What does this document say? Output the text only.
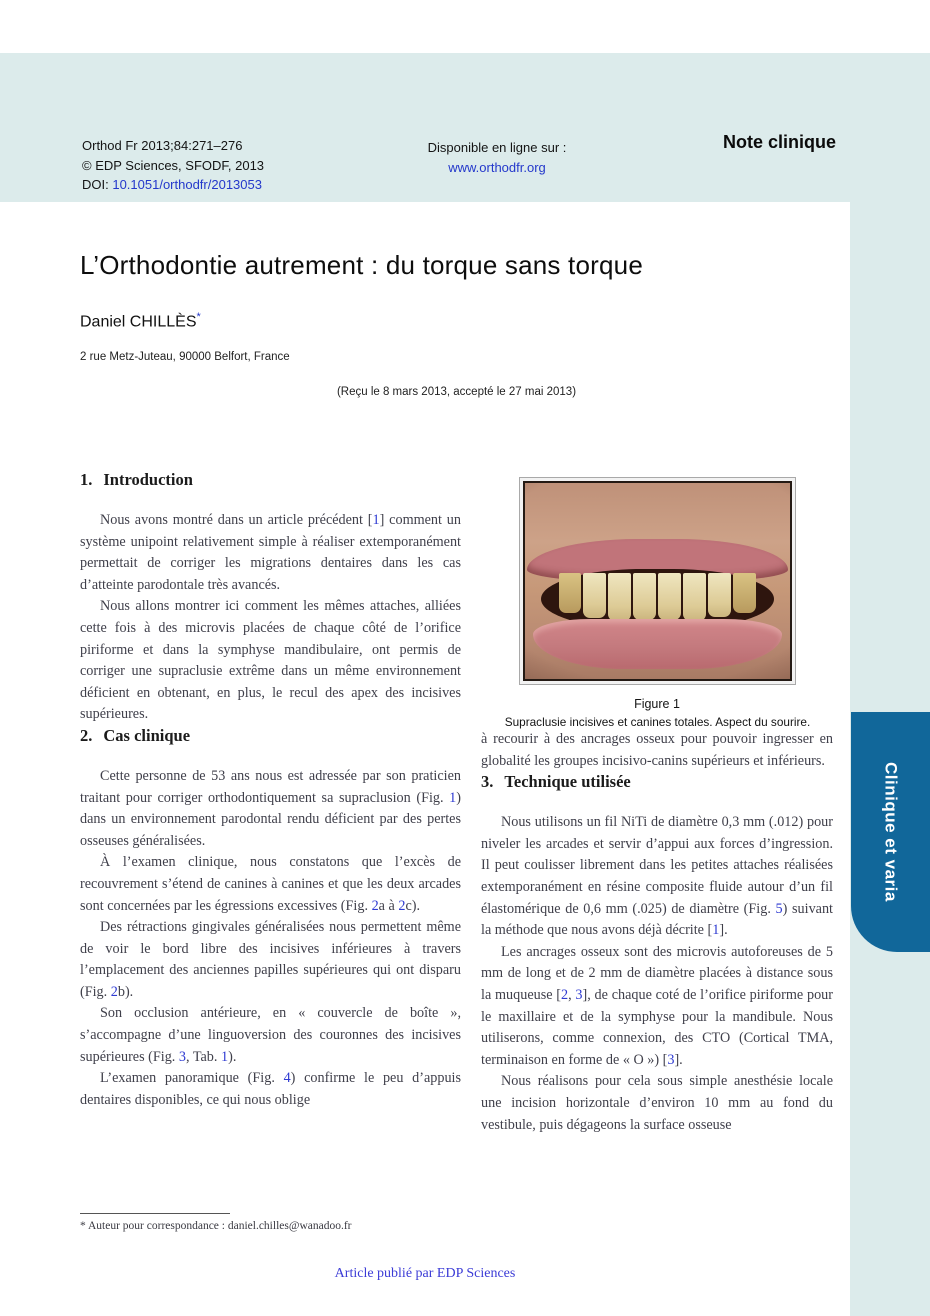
Clinique et varia
Orthod Fr 2013;84:271–276
© EDP Sciences, SFODF, 2013
DOI: 10.1051/orthodfr/2013053
Disponible en ligne sur :
www.orthodfr.org
Note clinique
L’Orthodontie autrement : du torque sans torque
Daniel CHILLÈS*
2 rue Metz-Juteau, 90000 Belfort, France
(Reçu le 8 mars 2013, accepté le 27 mai 2013)
1. Introduction

Nous avons montré dans un article précédent [1] comment un système unipoint relativement simple à réaliser extemporanément permettait de corriger les migrations dentaires dans les cas d’atteinte parodontale très avancés.

Nous allons montrer ici comment les mêmes attaches, alliées cette fois à des microvis placées de chaque côté de l’orifice piriforme et dans la symphyse mandibulaire, ont permis de corriger une supraclusie extrême dans un même environnement déficient en obtenant, en plus, le recul des apex des incisives supérieures.

2. Cas clinique

Cette personne de 53 ans nous est adressée par son praticien traitant pour corriger orthodontiquement sa supraclusion (Fig. 1) dans un environnement parodontal rendu déficient par des pertes osseuses généralisées.

À l’examen clinique, nous constatons que l’excès de recouvrement s’étend de canines à canines et que les deux arcades sont concernées par les égressions excessives (Fig. 2a à 2c).

Des rétractions gingivales généralisées nous permettent même de voir le bord libre des incisives inférieures à travers l’emplacement des anciennes papilles supérieures qui ont disparu (Fig. 2b).

Son occlusion antérieure, en « couvercle de boîte », s’accompagne d’une linguoversion des couronnes des incisives supérieures (Fig. 3, Tab. 1).

L’examen panoramique (Fig. 4) confirme le peu d’appuis dentaires disponibles, ce qui nous oblige

Figure 1
Supraclusie incisives et canines totales. Aspect du sourire.

à recourir à des ancrages osseux pour pouvoir ingresser en globalité les groupes incisivo-canins supérieurs et inférieurs.

3. Technique utilisée

Nous utilisons un fil NiTi de diamètre 0,3 mm (.012) pour niveler les arcades et servir d’appui aux forces d’ingression. Il peut coulisser librement dans les petites attaches réalisées extemporanément en résine composite fluide autour d’un fil élastomérique de 0,6 mm (.025) de diamètre (Fig. 5) suivant la méthode que nous avons déjà décrite [1].

Les ancrages osseux sont des microvis autoforeuses de 5 mm de long et de 2 mm de diamètre placées à distance sous la muqueuse [2, 3], de chaque coté de l’orifice piriforme pour le maxillaire et de la symphyse pour la mandibule. Nous utiliserons, comme connexion, des CTO (Cortical TMA, terminaison en forme de « O ») [3].

Nous réalisons pour cela sous simple anesthésie locale une incision horizontale d’environ 10 mm au fond du vestibule, puis dégageons la surface osseuse

* Auteur pour correspondance : daniel.chilles@wanadoo.fr
Article publié par EDP Sciences
